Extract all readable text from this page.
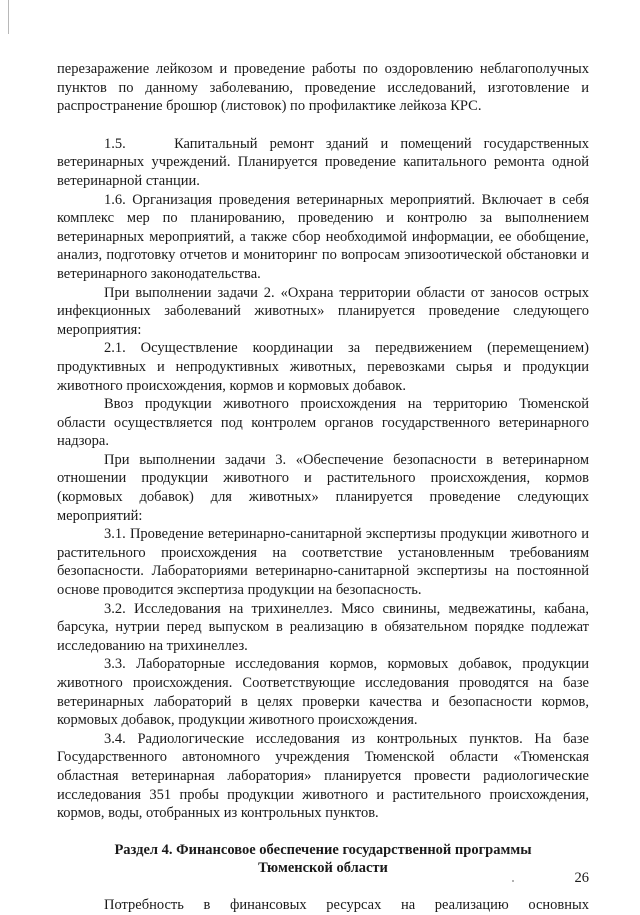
перезаражение лейкозом и проведение работы по оздоровлению неблагополучных пунктов по данному заболеванию, проведение исследований, изготовление и распространение брошюр (листовок) по профилактике лейкоза КРС.

1.5.    Капитальный ремонт зданий и помещений государственных ветеринарных учреждений. Планируется проведение капитального ремонта одной ветеринарной станции.

1.6. Организация проведения ветеринарных мероприятий. Включает в себя комплекс мер по планированию, проведению и контролю за выполнением ветеринарных мероприятий, а также сбор необходимой информации, ее обобщение, анализ, подготовку отчетов и мониторинг по вопросам эпизоотической обстановки и ветеринарного законодательства.

При выполнении задачи 2. «Охрана территории области от заносов острых инфекционных заболеваний животных» планируется проведение следующего мероприятия:

2.1. Осуществление координации за передвижением (перемещением) продуктивных и непродуктивных животных, перевозками сырья и продукции животного происхождения, кормов и кормовых добавок.

Ввоз продукции животного происхождения на территорию Тюменской области осуществляется под контролем органов государственного ветеринарного надзора.

При выполнении задачи 3. «Обеспечение безопасности в ветеринарном отношении продукции животного и растительного происхождения, кормов (кормовых добавок) для животных» планируется проведение следующих мероприятий:

3.1. Проведение ветеринарно-санитарной экспертизы продукции животного и растительного происхождения на соответствие установленным требованиям безопасности. Лабораториями ветеринарно-санитарной экспертизы на постоянной основе проводится экспертиза продукции на безопасность.

3.2. Исследования на трихинеллез. Мясо свинины, медвежатины, кабана, барсука, нутрии перед выпуском в реализацию в обязательном порядке подлежат исследованию на трихинеллез.

3.3. Лабораторные исследования кормов, кормовых добавок, продукции животного происхождения. Соответствующие исследования проводятся на базе ветеринарных лабораторий в целях проверки качества и безопасности кормов, кормовых добавок, продукции животного происхождения.

3.4. Радиологические исследования из контрольных пунктов. На базе Государственного автономного учреждения Тюменской области «Тюменская областная ветеринарная лаборатория» планируется провести радиологические исследования 351 пробы продукции животного и растительного происхождения, кормов, воды, отобранных из контрольных пунктов.

Раздел 4. Финансовое обеспечение государственной программы
Тюменской области

Потребность в финансовых ресурсах на реализацию основных

26
